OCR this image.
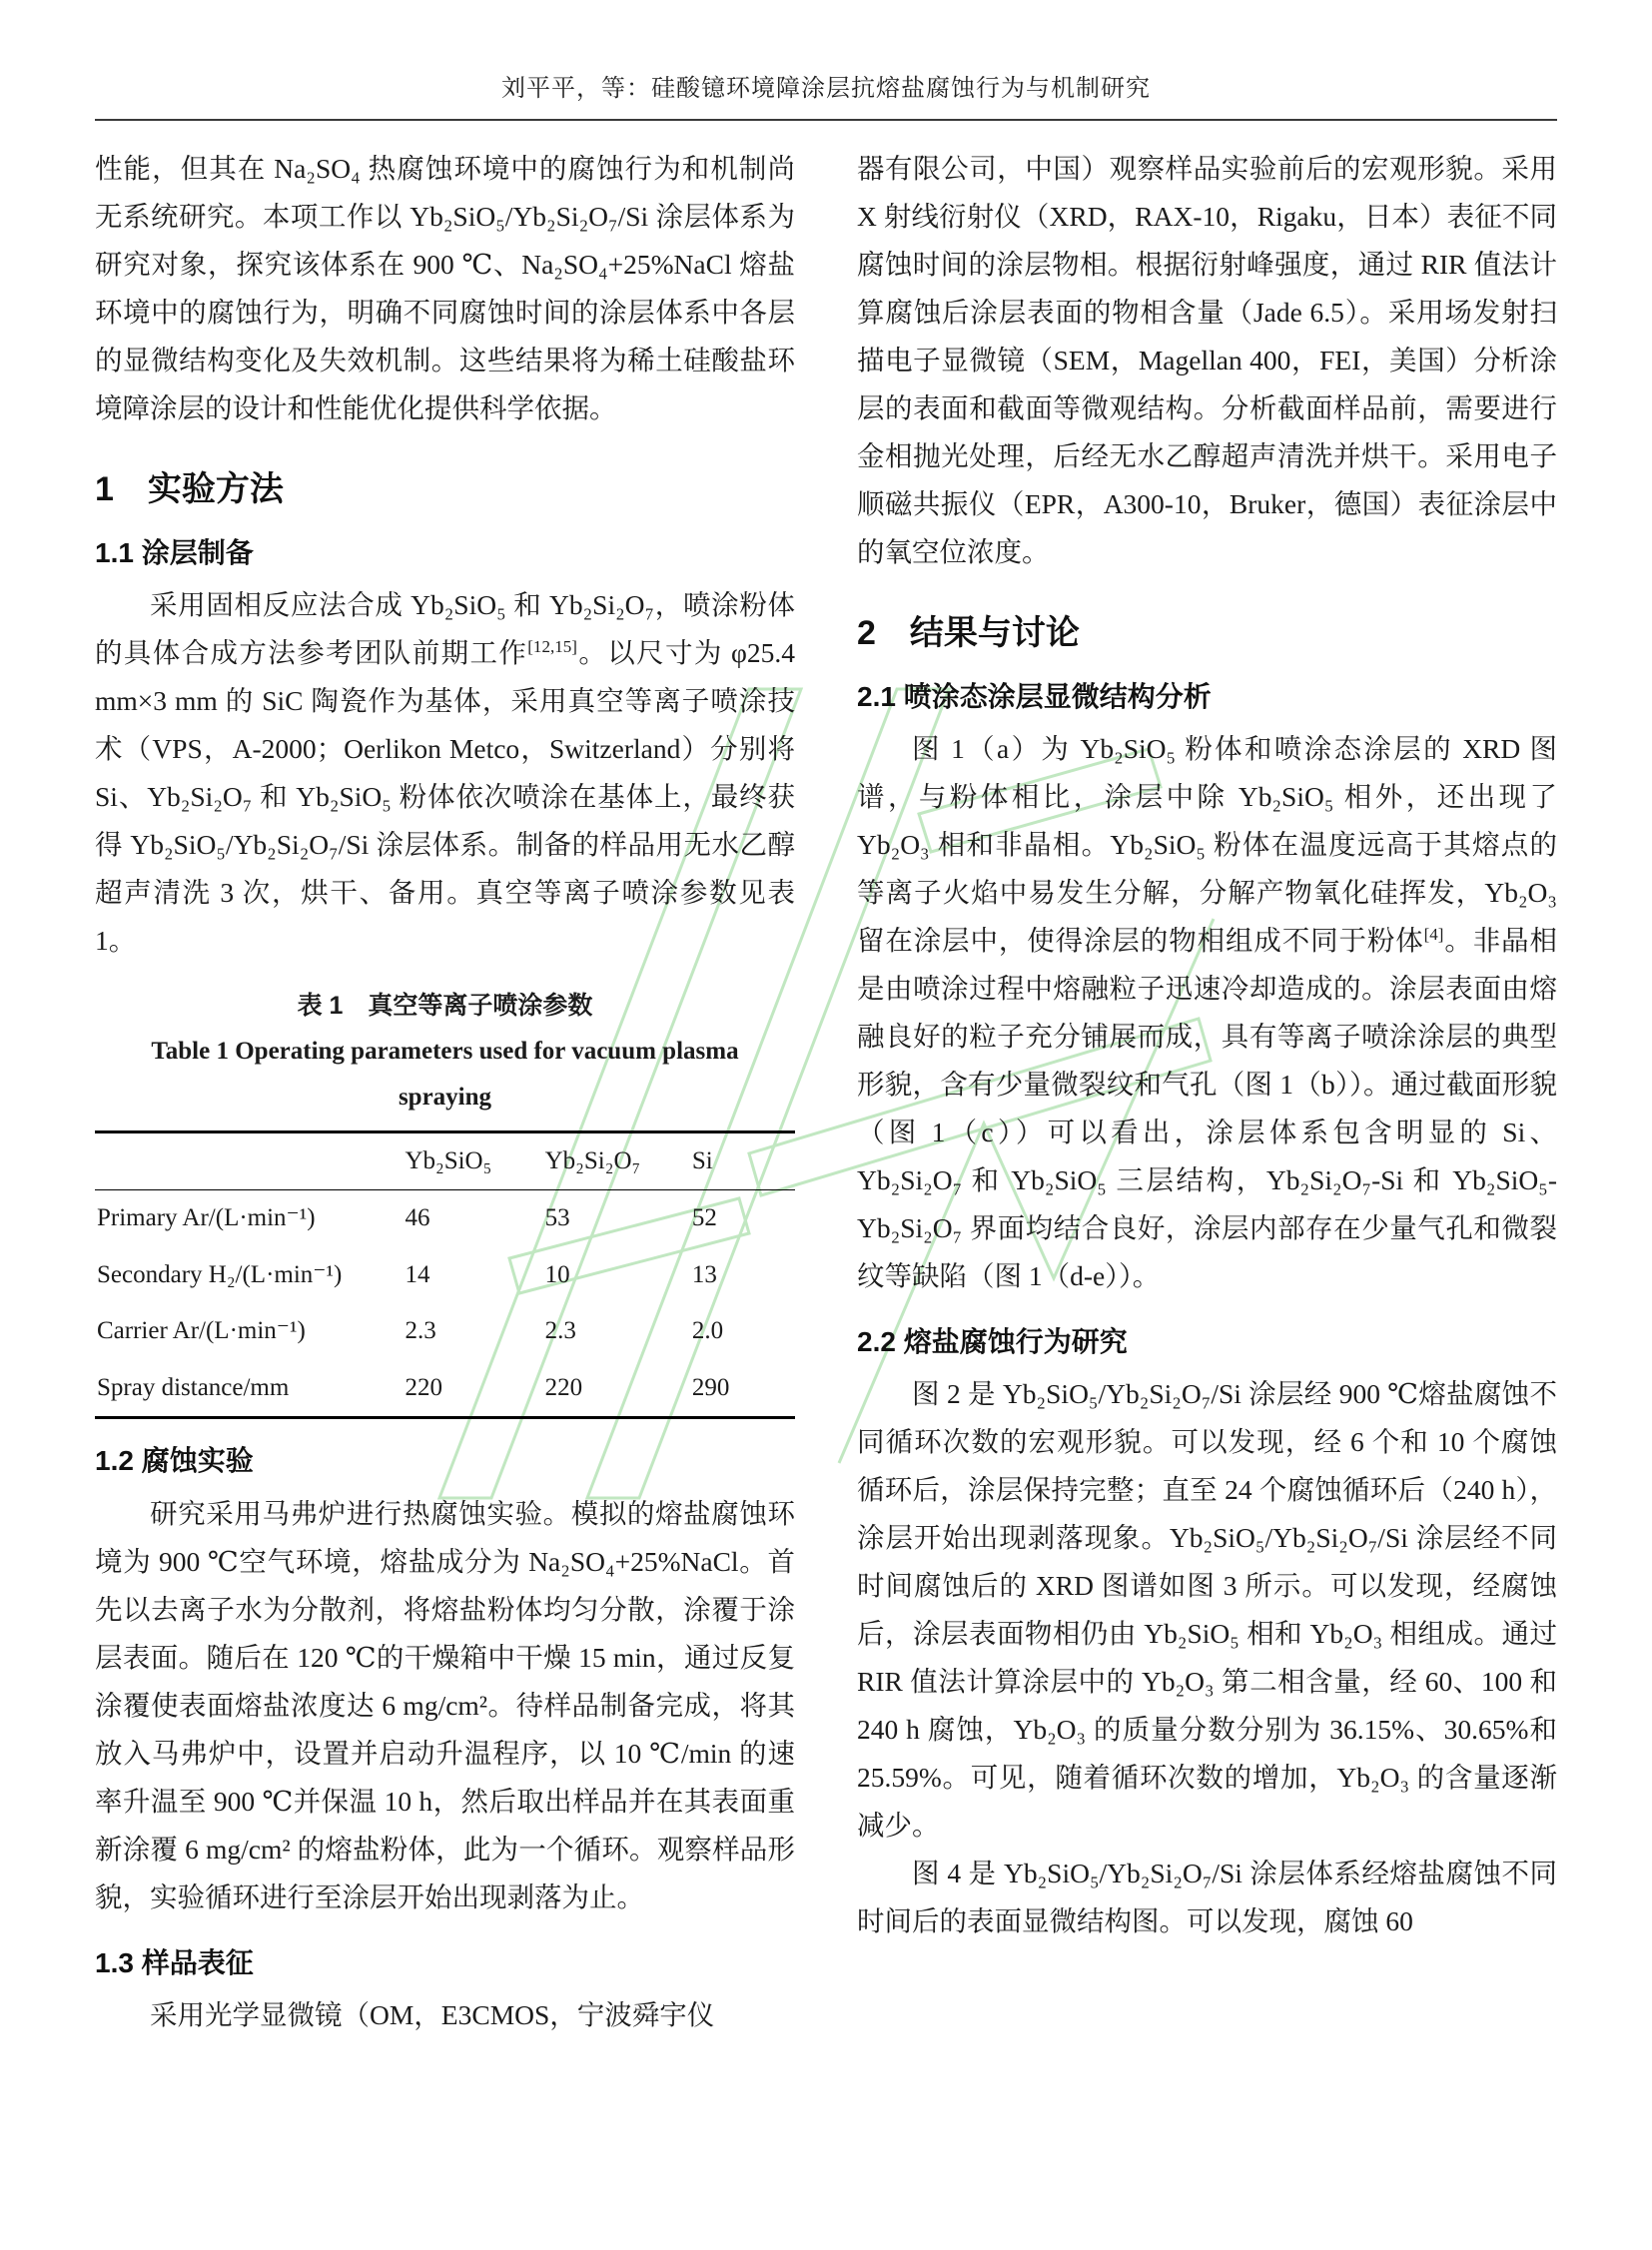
刘平平，等：硅酸镱环境障涂层抗熔盐腐蚀行为与机制研究

性能，但其在 Na₂SO₄ 热腐蚀环境中的腐蚀行为和机制尚无系统研究。本项工作以 Yb₂SiO₅/Yb₂Si₂O₇/Si 涂层体系为研究对象，探究该体系在 900 ℃、Na₂SO₄+25%NaCl 熔盐环境中的腐蚀行为，明确不同腐蚀时间的涂层体系中各层的显微结构变化及失效机制。这些结果将为稀土硅酸盐环境障涂层的设计和性能优化提供科学依据。

1　实验方法
1.1 涂层制备

采用固相反应法合成 Yb₂SiO₅ 和 Yb₂Si₂O₇，喷涂粉体的具体合成方法参考团队前期工作[12,15]。以尺寸为 φ25.4 mm×3 mm 的 SiC 陶瓷作为基体，采用真空等离子喷涂技术（VPS，A-2000；Oerlikon Metco，Switzerland）分别将 Si、Yb₂Si₂O₇ 和 Yb₂SiO₅ 粉体依次喷涂在基体上，最终获得 Yb₂SiO₅/Yb₂Si₂O₇/Si 涂层体系。制备的样品用无水乙醇超声清洗 3 次，烘干、备用。真空等离子喷涂参数见表 1。

表 1　真空等离子喷涂参数
Table 1 Operating parameters used for vacuum plasma spraying
	Yb₂SiO₅	Yb₂Si₂O₇	Si
Primary Ar/(L·min⁻¹)	46	53	52
Secondary H₂/(L·min⁻¹)	14	10	13
Carrier Ar/(L·min⁻¹)	2.3	2.3	2.0
Spray distance/mm	220	220	290
1.2 腐蚀实验

研究采用马弗炉进行热腐蚀实验。模拟的熔盐腐蚀环境为 900 ℃空气环境，熔盐成分为 Na₂SO₄+25%NaCl。首先以去离子水为分散剂，将熔盐粉体均匀分散，涂覆于涂层表面。随后在 120 ℃的干燥箱中干燥 15 min，通过反复涂覆使表面熔盐浓度达 6 mg/cm²。待样品制备完成，将其放入马弗炉中，设置并启动升温程序，以 10 ℃/min 的速率升温至 900 ℃并保温 10 h，然后取出样品并在其表面重新涂覆 6 mg/cm² 的熔盐粉体，此为一个循环。观察样品形貌，实验循环进行至涂层开始出现剥落为止。

1.3 样品表征

采用光学显微镜（OM，E3CMOS，宁波舜宇仪

器有限公司，中国）观察样品实验前后的宏观形貌。采用 X 射线衍射仪（XRD，RAX-10，Rigaku，日本）表征不同腐蚀时间的涂层物相。根据衍射峰强度，通过 RIR 值法计算腐蚀后涂层表面的物相含量（Jade 6.5）。采用场发射扫描电子显微镜（SEM，Magellan 400，FEI，美国）分析涂层的表面和截面等微观结构。分析截面样品前，需要进行金相抛光处理，后经无水乙醇超声清洗并烘干。采用电子顺磁共振仪（EPR，A300-10，Bruker，德国）表征涂层中的氧空位浓度。

2　结果与讨论
2.1 喷涂态涂层显微结构分析

图 1（a）为 Yb₂SiO₅ 粉体和喷涂态涂层的 XRD 图谱，与粉体相比，涂层中除 Yb₂SiO₅ 相外，还出现了 Yb₂O₃ 相和非晶相。Yb₂SiO₅ 粉体在温度远高于其熔点的等离子火焰中易发生分解，分解产物氧化硅挥发，Yb₂O₃ 留在涂层中，使得涂层的物相组成不同于粉体[4]。非晶相是由喷涂过程中熔融粒子迅速冷却造成的。涂层表面由熔融良好的粒子充分铺展而成，具有等离子喷涂涂层的典型形貌，含有少量微裂纹和气孔（图 1（b））。通过截面形貌（图 1（c））可以看出，涂层体系包含明显的 Si、Yb₂Si₂O₇ 和 Yb₂SiO₅ 三层结构，Yb₂Si₂O₇-Si 和 Yb₂SiO₅-Yb₂Si₂O₇ 界面均结合良好，涂层内部存在少量气孔和微裂纹等缺陷（图 1（d-e））。

2.2 熔盐腐蚀行为研究

图 2 是 Yb₂SiO₅/Yb₂Si₂O₇/Si 涂层经 900 ℃熔盐腐蚀不同循环次数的宏观形貌。可以发现，经 6 个和 10 个腐蚀循环后，涂层保持完整；直至 24 个腐蚀循环后（240 h），涂层开始出现剥落现象。Yb₂SiO₅/Yb₂Si₂O₇/Si 涂层经不同时间腐蚀后的 XRD 图谱如图 3 所示。可以发现，经腐蚀后，涂层表面物相仍由 Yb₂SiO₅ 相和 Yb₂O₃ 相组成。通过 RIR 值法计算涂层中的 Yb₂O₃ 第二相含量，经 60、100 和 240 h 腐蚀，Yb₂O₃ 的质量分数分别为 36.15%、30.65%和 25.59%。可见，随着循环次数的增加，Yb₂O₃ 的含量逐渐减少。

图 4 是 Yb₂SiO₅/Yb₂Si₂O₇/Si 涂层体系经熔盐腐蚀不同时间后的表面显微结构图。可以发现，腐蚀 60
